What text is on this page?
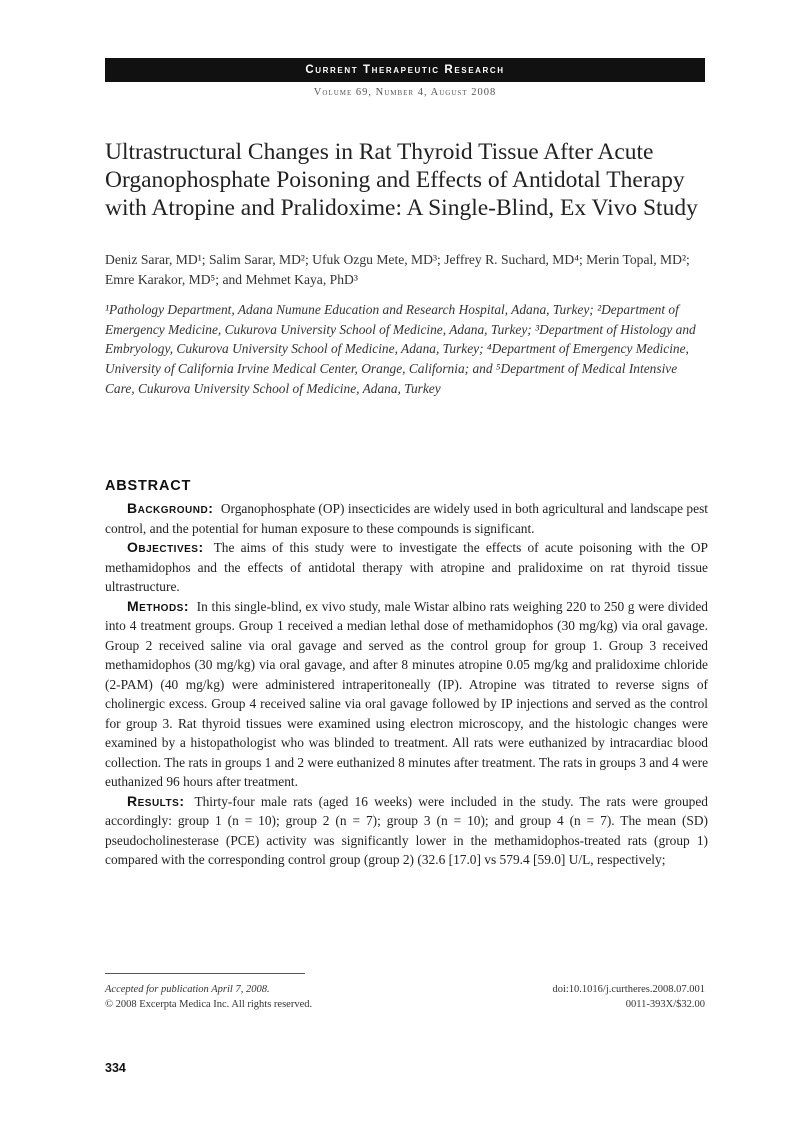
Current Therapeutic Research
Volume 69, Number 4, August 2008
Ultrastructural Changes in Rat Thyroid Tissue After Acute Organophosphate Poisoning and Effects of Antidotal Therapy with Atropine and Pralidoxime: A Single-Blind, Ex Vivo Study

Deniz Sarar, MD¹; Salim Sarar, MD²; Ufuk Ozgu Mete, MD³; Jeffrey R. Suchard, MD⁴; Merin Topal, MD²; Emre Karakor, MD⁵; and Mehmet Kaya, PhD³

¹Pathology Department, Adana Numune Education and Research Hospital, Adana, Turkey; ²Department of Emergency Medicine, Cukurova University School of Medicine, Adana, Turkey; ³Department of Histology and Embryology, Cukurova University School of Medicine, Adana, Turkey; ⁴Department of Emergency Medicine, University of California Irvine Medical Center, Orange, California; and ⁵Department of Medical Intensive Care, Cukurova University School of Medicine, Adana, Turkey

ABSTRACT

Background: Organophosphate (OP) insecticides are widely used in both agricultural and landscape pest control, and the potential for human exposure to these compounds is significant.

Objectives: The aims of this study were to investigate the effects of acute poisoning with the OP methamidophos and the effects of antidotal therapy with atropine and pralidoxime on rat thyroid tissue ultrastructure.

Methods: In this single-blind, ex vivo study, male Wistar albino rats weighing 220 to 250 g were divided into 4 treatment groups. Group 1 received a median lethal dose of methamidophos (30 mg/kg) via oral gavage. Group 2 received saline via oral gavage and served as the control group for group 1. Group 3 received methamidophos (30 mg/kg) via oral gavage, and after 8 minutes atropine 0.05 mg/kg and pralidoxime chloride (2-PAM) (40 mg/kg) were administered intraperitoneally (IP). Atropine was titrated to reverse signs of cholinergic excess. Group 4 received saline via oral gavage followed by IP injections and served as the control for group 3. Rat thyroid tissues were examined using electron microscopy, and the histologic changes were examined by a histopathologist who was blinded to treatment. All rats were euthanized by intracardiac blood collection. The rats in groups 1 and 2 were euthanized 8 minutes after treatment. The rats in groups 3 and 4 were euthanized 96 hours after treatment.

Results: Thirty-four male rats (aged 16 weeks) were included in the study. The rats were grouped accordingly: group 1 (n = 10); group 2 (n = 7); group 3 (n = 10); and group 4 (n = 7). The mean (SD) pseudocholinesterase (PCE) activity was significantly lower in the methamidophos-treated rats (group 1) compared with the corresponding control group (group 2) (32.6 [17.0] vs 579.4 [59.0] U/L, respectively;

Accepted for publication April 7, 2008.
© 2008 Excerpta Medica Inc. All rights reserved.
doi:10.1016/j.curtheres.2008.07.001
0011-393X/$32.00
334
